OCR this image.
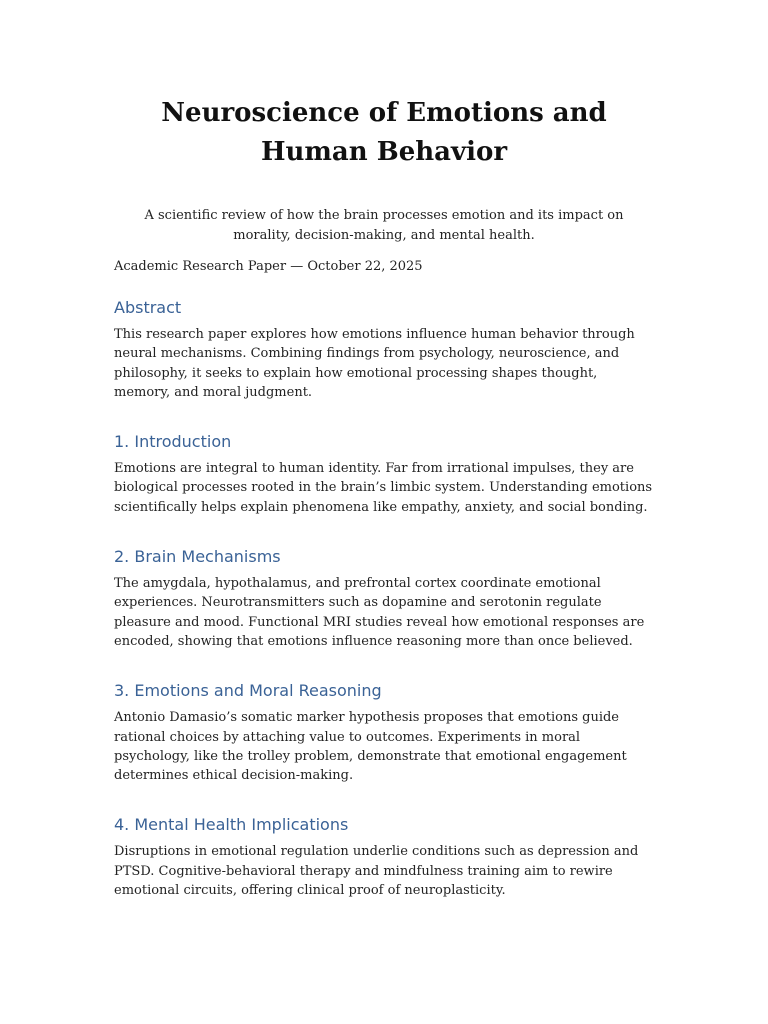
Neuroscience of Emotions and Human Behavior

A scientific review of how the brain processes emotion and its impact on morality, decision-making, and mental health.

Academic Research Paper — October 22, 2025

Abstract

This research paper explores how emotions influence human behavior through neural mechanisms. Combining findings from psychology, neuroscience, and philosophy, it seeks to explain how emotional processing shapes thought, memory, and moral judgment.

1. Introduction

Emotions are integral to human identity. Far from irrational impulses, they are biological processes rooted in the brain’s limbic system. Understanding emotions scientifically helps explain phenomena like empathy, anxiety, and social bonding.

2. Brain Mechanisms

The amygdala, hypothalamus, and prefrontal cortex coordinate emotional experiences. Neurotransmitters such as dopamine and serotonin regulate pleasure and mood. Functional MRI studies reveal how emotional responses are encoded, showing that emotions influence reasoning more than once believed.

3. Emotions and Moral Reasoning

Antonio Damasio’s somatic marker hypothesis proposes that emotions guide rational choices by attaching value to outcomes. Experiments in moral psychology, like the trolley problem, demonstrate that emotional engagement determines ethical decision-making.

4. Mental Health Implications

Disruptions in emotional regulation underlie conditions such as depression and PTSD. Cognitive-behavioral therapy and mindfulness training aim to rewire emotional circuits, offering clinical proof of neuroplasticity.
